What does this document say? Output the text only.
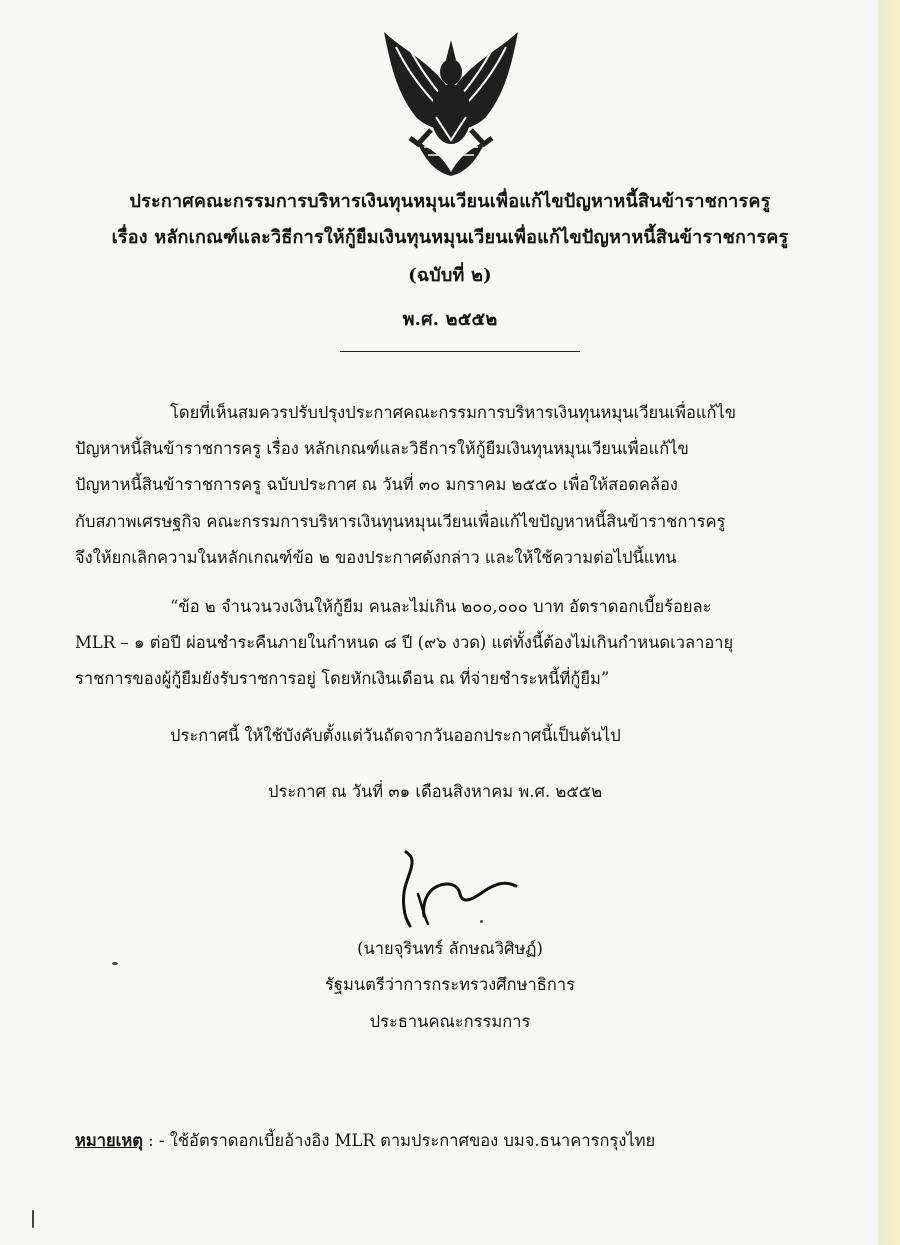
ประกาศคณะกรรมการบริหารเงินทุนหมุนเวียนเพื่อแก้ไขปัญหาหนี้สินข้าราชการครู
เรื่อง หลักเกณฑ์และวิธีการให้กู้ยืมเงินทุนหมุนเวียนเพื่อแก้ไขปัญหาหนี้สินข้าราชการครู
(ฉบับที่ ๒)
พ.ศ. ๒๕๕๒
โดยที่เห็นสมควรปรับปรุงประกาศคณะกรรมการบริหารเงินทุนหมุนเวียนเพื่อแก้ไข
ปัญหาหนี้สินข้าราชการครู เรื่อง หลักเกณฑ์และวิธีการให้กู้ยืมเงินทุนหมุนเวียนเพื่อแก้ไข
ปัญหาหนี้สินข้าราชการครู ฉบับประกาศ ณ วันที่ ๓๐ มกราคม ๒๕๕๐ เพื่อให้สอดคล้อง
กับสภาพเศรษฐกิจ คณะกรรมการบริหารเงินทุนหมุนเวียนเพื่อแก้ไขปัญหาหนี้สินข้าราชการครู
จึงให้ยกเลิกความในหลักเกณฑ์ข้อ ๒ ของประกาศดังกล่าว และให้ใช้ความต่อไปนี้แทน
“ข้อ ๒ จำนวนวงเงินให้กู้ยืม คนละไม่เกิน ๒๐๐,๐๐๐ บาท อัตราดอกเบี้ยร้อยละ
MLR – ๑ ต่อปี ผ่อนชำระคืนภายในกำหนด ๘ ปี (๙๖ งวด) แต่ทั้งนี้ต้องไม่เกินกำหนดเวลาอายุ
ราชการของผู้กู้ยืมยังรับราชการอยู่ โดยหักเงินเดือน ณ ที่จ่ายชำระหนี้ที่กู้ยืม”
ประกาศนี้ ให้ใช้บังคับตั้งแต่วันถัดจากวันออกประกาศนี้เป็นต้นไป
ประกาศ ณ วันที่ ๓๑ เดือนสิงหาคม พ.ศ. ๒๕๕๒
(นายจุรินทร์ ลักษณวิศิษฏ์)
รัฐมนตรีว่าการกระทรวงศึกษาธิการ
ประธานคณะกรรมการ
หมายเหตุ : - ใช้อัตราดอกเบี้ยอ้างอิง MLR ตามประกาศของ บมจ.ธนาคารกรุงไทย
